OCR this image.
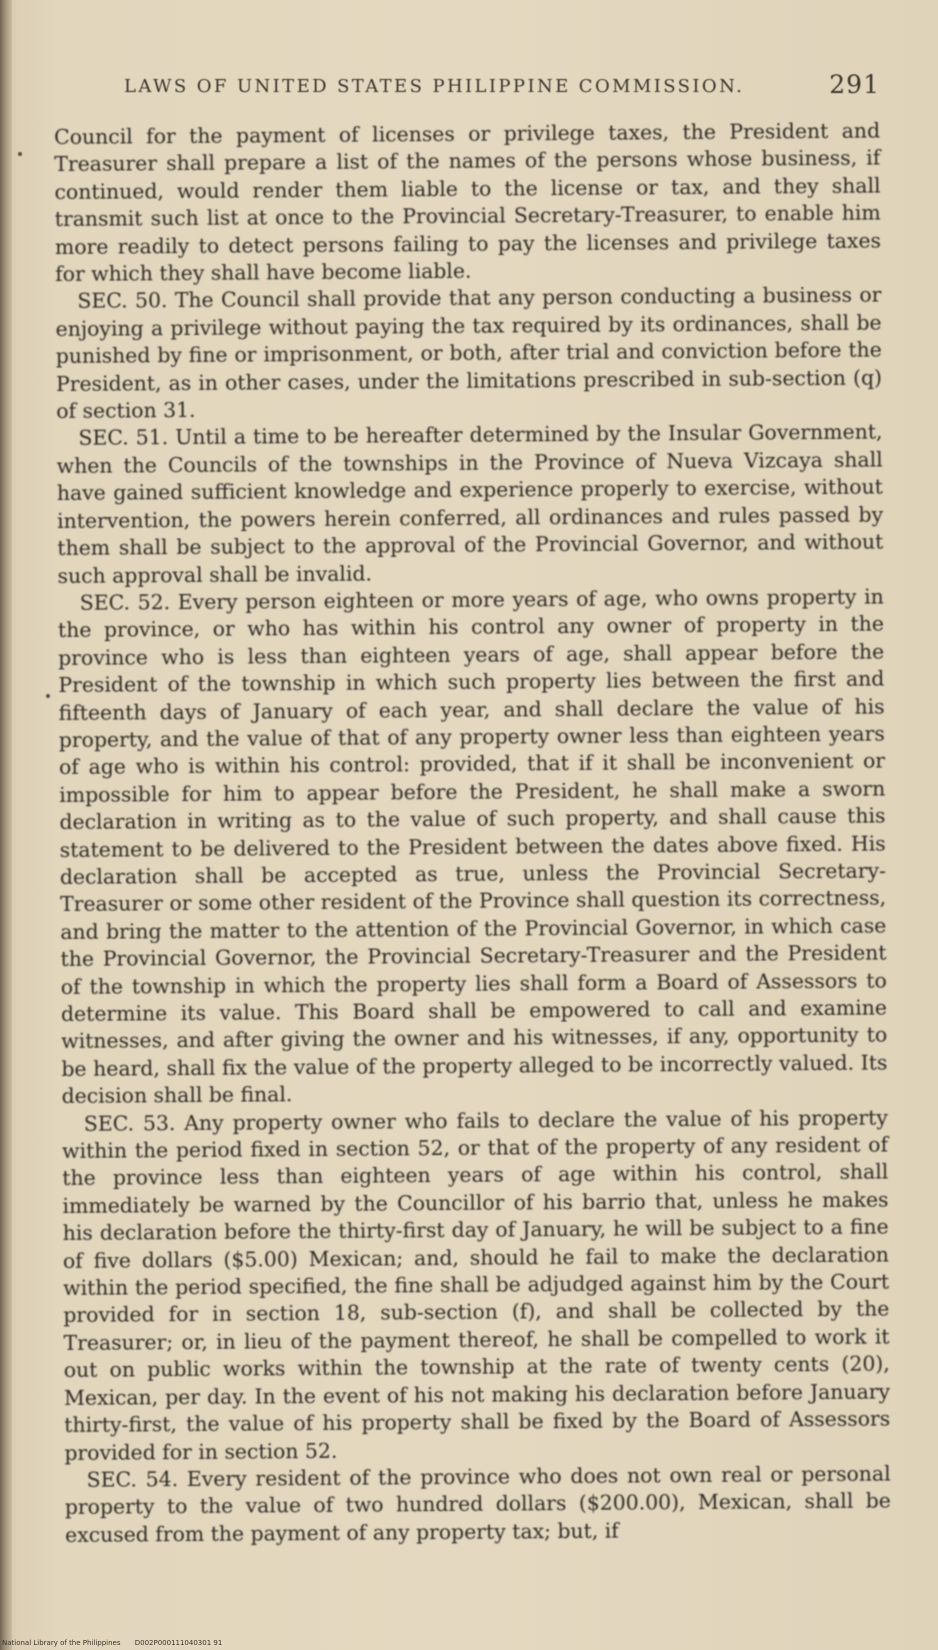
LAWS OF UNITED STATES PHILIPPINE COMMISSION.	291

Council for the payment of licenses or privilege taxes, the President and Treasurer shall prepare a list of the names of the persons whose business, if continued, would render them liable to the license or tax, and they shall transmit such list at once to the Provincial Secretary-Treasurer, to enable him more readily to detect persons failing to pay the licenses and privilege taxes for which they shall have become liable.

SEC. 50. The Council shall provide that any person conducting a business or enjoying a privilege without paying the tax required by its ordinances, shall be punished by fine or imprisonment, or both, after trial and conviction before the President, as in other cases, under the limitations prescribed in sub-section (q) of section 31.

SEC. 51. Until a time to be hereafter determined by the Insular Government, when the Councils of the townships in the Province of Nueva Vizcaya shall have gained sufficient knowledge and experience properly to exercise, without intervention, the powers herein conferred, all ordinances and rules passed by them shall be subject to the approval of the Provincial Governor, and without such approval shall be invalid.

SEC. 52. Every person eighteen or more years of age, who owns property in the province, or who has within his control any owner of property in the province who is less than eighteen years of age, shall appear before the President of the township in which such property lies between the first and fifteenth days of January of each year, and shall declare the value of his property, and the value of that of any property owner less than eighteen years of age who is within his control: provided, that if it shall be inconvenient or impossible for him to appear before the President, he shall make a sworn declaration in writing as to the value of such property, and shall cause this statement to be delivered to the President between the dates above fixed. His declaration shall be accepted as true, unless the Provincial Secretary-Treasurer or some other resident of the Province shall question its correctness, and bring the matter to the attention of the Provincial Governor, in which case the Provincial Governor, the Provincial Secretary-Treasurer and the President of the township in which the property lies shall form a Board of Assessors to determine its value. This Board shall be empowered to call and examine witnesses, and after giving the owner and his witnesses, if any, opportunity to be heard, shall fix the value of the property alleged to be incorrectly valued. Its decision shall be final.

SEC. 53. Any property owner who fails to declare the value of his property within the period fixed in section 52, or that of the property of any resident of the province less than eighteen years of age within his control, shall immediately be warned by the Councillor of his barrio that, unless he makes his declaration before the thirty-first day of January, he will be subject to a fine of five dollars ($5.00) Mexican; and, should he fail to make the declaration within the period specified, the fine shall be adjudged against him by the Court provided for in section 18, sub-section (f), and shall be collected by the Treasurer; or, in lieu of the payment thereof, he shall be compelled to work it out on public works within the township at the rate of twenty cents (20), Mexican, per day. In the event of his not making his declaration before January thirty-first, the value of his property shall be fixed by the Board of Assessors provided for in section 52.

SEC. 54. Every resident of the province who does not own real or personal property to the value of two hundred dollars ($200.00), Mexican, shall be excused from the payment of any property tax; but, if

National Library of the Philippines D002P000111040301 91
